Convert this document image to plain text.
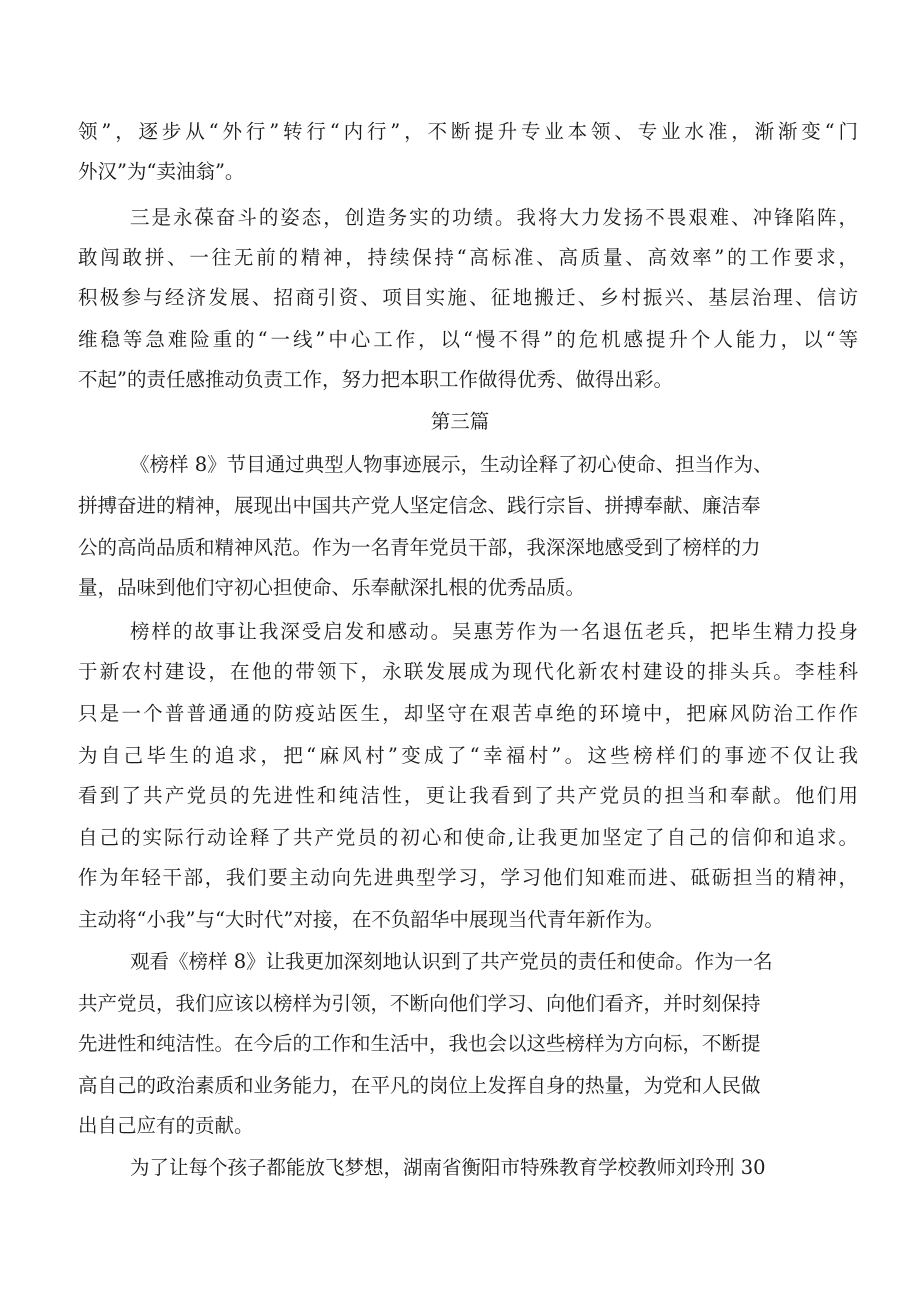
领”，逐步从“外行”转行“内行”，不断提升专业本领、专业水准，渐渐变“门
外汉”为“卖油翁”。
三是永葆奋斗的姿态，创造务实的功绩。我将大力发扬不畏艰难、冲锋陷阵，
敢闯敢拼、一往无前的精神，持续保持“高标准、高质量、高效率”的工作要求，
积极参与经济发展、招商引资、项目实施、征地搬迁、乡村振兴、基层治理、信访
维稳等急难险重的“一线”中心工作，以“慢不得”的危机感提升个人能力，以“等
不起”的责任感推动负责工作，努力把本职工作做得优秀、做得出彩。
第三篇
《榜样 8》节目通过典型人物事迹展示，生动诠释了初心使命、担当作为、
拼搏奋进的精神，展现出中国共产党人坚定信念、践行宗旨、拼搏奉献、廉洁奉
公的高尚品质和精神风范。作为一名青年党员干部，我深深地感受到了榜样的力
量，品味到他们守初心担使命、乐奉献深扎根的优秀品质。
榜样的故事让我深受启发和感动。吴惠芳作为一名退伍老兵，把毕生精力投身
于新农村建设，在他的带领下，永联发展成为现代化新农村建设的排头兵。李桂科
只是一个普普通通的防疫站医生，却坚守在艰苦卓绝的环境中，把麻风防治工作作
为自己毕生的追求，把“麻风村”变成了“幸福村”。这些榜样们的事迹不仅让我
看到了共产党员的先进性和纯洁性，更让我看到了共产党员的担当和奉献。他们用
自己的实际行动诠释了共产党员的初心和使命,让我更加坚定了自己的信仰和追求。
作为年轻干部，我们要主动向先进典型学习，学习他们知难而进、砥砺担当的精神，
主动将“小我”与“大时代”对接，在不负韶华中展现当代青年新作为。
观看《榜样 8》让我更加深刻地认识到了共产党员的责任和使命。作为一名
共产党员，我们应该以榜样为引领，不断向他们学习、向他们看齐，并时刻保持
先进性和纯洁性。在今后的工作和生活中，我也会以这些榜样为方向标，不断提
高自己的政治素质和业务能力，在平凡的岗位上发挥自身的热量，为党和人民做
出自己应有的贡献。
为了让每个孩子都能放飞梦想，湖南省衡阳市特殊教育学校教师刘玲刑 30
